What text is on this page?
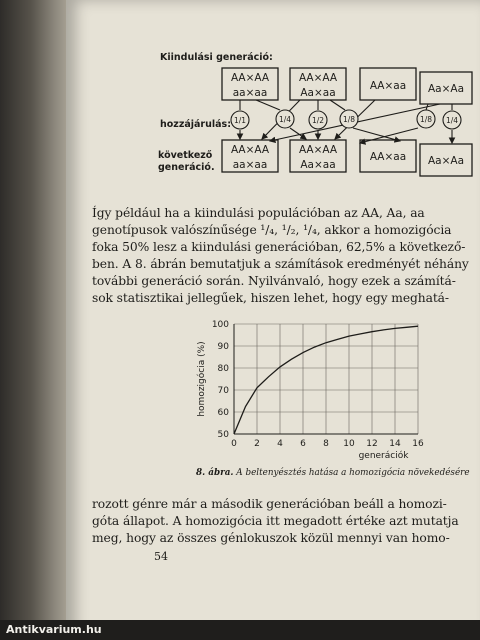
Kiindulási generáció:
hozzájárulás:
következő
generáció.
AA×AA
aa×aa
AA×AA
Aa×aa
AA×aa Aa×Aa
AA×AA
aa×aa
AA×AA
Aa×aa
AA×aa Aa×Aa
1/1	1/4	1/2	1/8	1/8 1/4
Így például ha a kiindulási populációban az AA, Aa, aa
genotípusok valószínűsége ¹/₄, ¹/₂, ¹/₄, akkor a homozigócia
foka 50% lesz a kiindulási generációban, 62,5% a következő-
ben. A 8. ábrán bemutatjuk a számítások eredményét néhány
további generáció során. Nyilvánvaló, hogy ezek a számítá-
sok statisztikai jellegűek, hiszen lehet, hogy egy meghatá-
0 2 4 6 8 10 12 14 16
50
60
70
80
90
100
homozigócia (%)
generációk
8. ábra. A beltenyésztés hatása a homozigócia növekedésére
rozott génre már a második generációban beáll a homozi-
góta állapot. A homozigócia itt megadott értéke azt mutatja
meg, hogy az összes génlokuszok közül mennyi van homo-
54
Antikvarium.hu
